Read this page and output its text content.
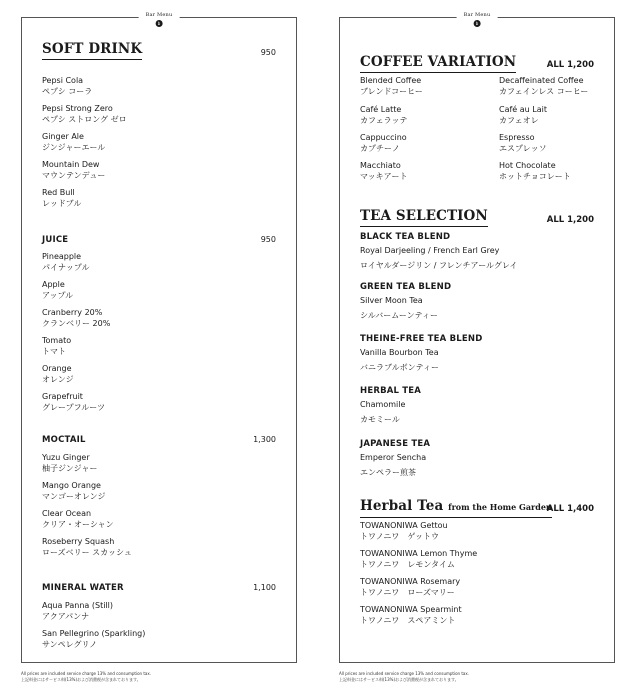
Bar Menu
b
SOFT DRINK	950
Pepsi Cola
ペプシ コーラ
Pepsi Strong Zero
ペプシ ストロング ゼロ
Ginger Ale
ジンジャーエール
Mountain Dew
マウンテンデュー
Red Bull
レッドブル
JUICE	950
Pineapple
パイナップル
Apple
アップル
Cranberry 20%
クランベリー 20%
Tomato
トマト
Orange
オレンジ
Grapefruit
グレープフルーツ
MOCTAIL	1,300
Yuzu Ginger
柚子ジンジャー
Mango Orange
マンゴーオレンジ
Clear Ocean
クリア・オーシャン
Roseberry Squash
ローズベリー スカッシュ
MINERAL WATER	1,100
Aqua Panna (Still)
アクアパンナ
San Pellegrino (Sparkling)
サンペレグリノ
Bar Menu
b
COFFEE VARIATION	ALL 1,200
Blended Coffee
ブレンドコーヒー
Decaffeinated Coffee
カフェインレス コーヒー
Café Latte
カフェラッテ
Café au Lait
カフェオレ
Cappuccino
カプチーノ
Espresso
エスプレッソ
Macchiato
マッキアート
Hot Chocolate
ホットチョコレート
TEA SELECTION	ALL 1,200
BLACK TEA BLEND
Royal Darjeeling / French Earl Grey
ロイヤルダージリン / フレンチアールグレイ
GREEN TEA BLEND
Silver Moon Tea
シルバームーンティー
THEINE-FREE TEA BLEND
Vanilla Bourbon Tea
バニラブルボンティー
HERBAL TEA
Chamomile
カモミール
JAPANESE TEA
Emperor Sencha
エンペラー煎茶
Herbal Tea from the Home Garden
ALL 1,400
TOWANONIWA Gettou
トワノニワ　ゲットウ
TOWANONIWA Lemon Thyme
トワノニワ　レモンタイム
TOWANONIWA Rosemary
トワノニワ　ローズマリー
TOWANONIWA Spearmint
トワノニワ　スペアミント
All prices are included service charge 13% and consumption tax.
上記料金にはサービス料(13%)および消費税が含まれております。
All prices are included service charge 13% and consumption tax.
上記料金にはサービス料(13%)および消費税が含まれております。
